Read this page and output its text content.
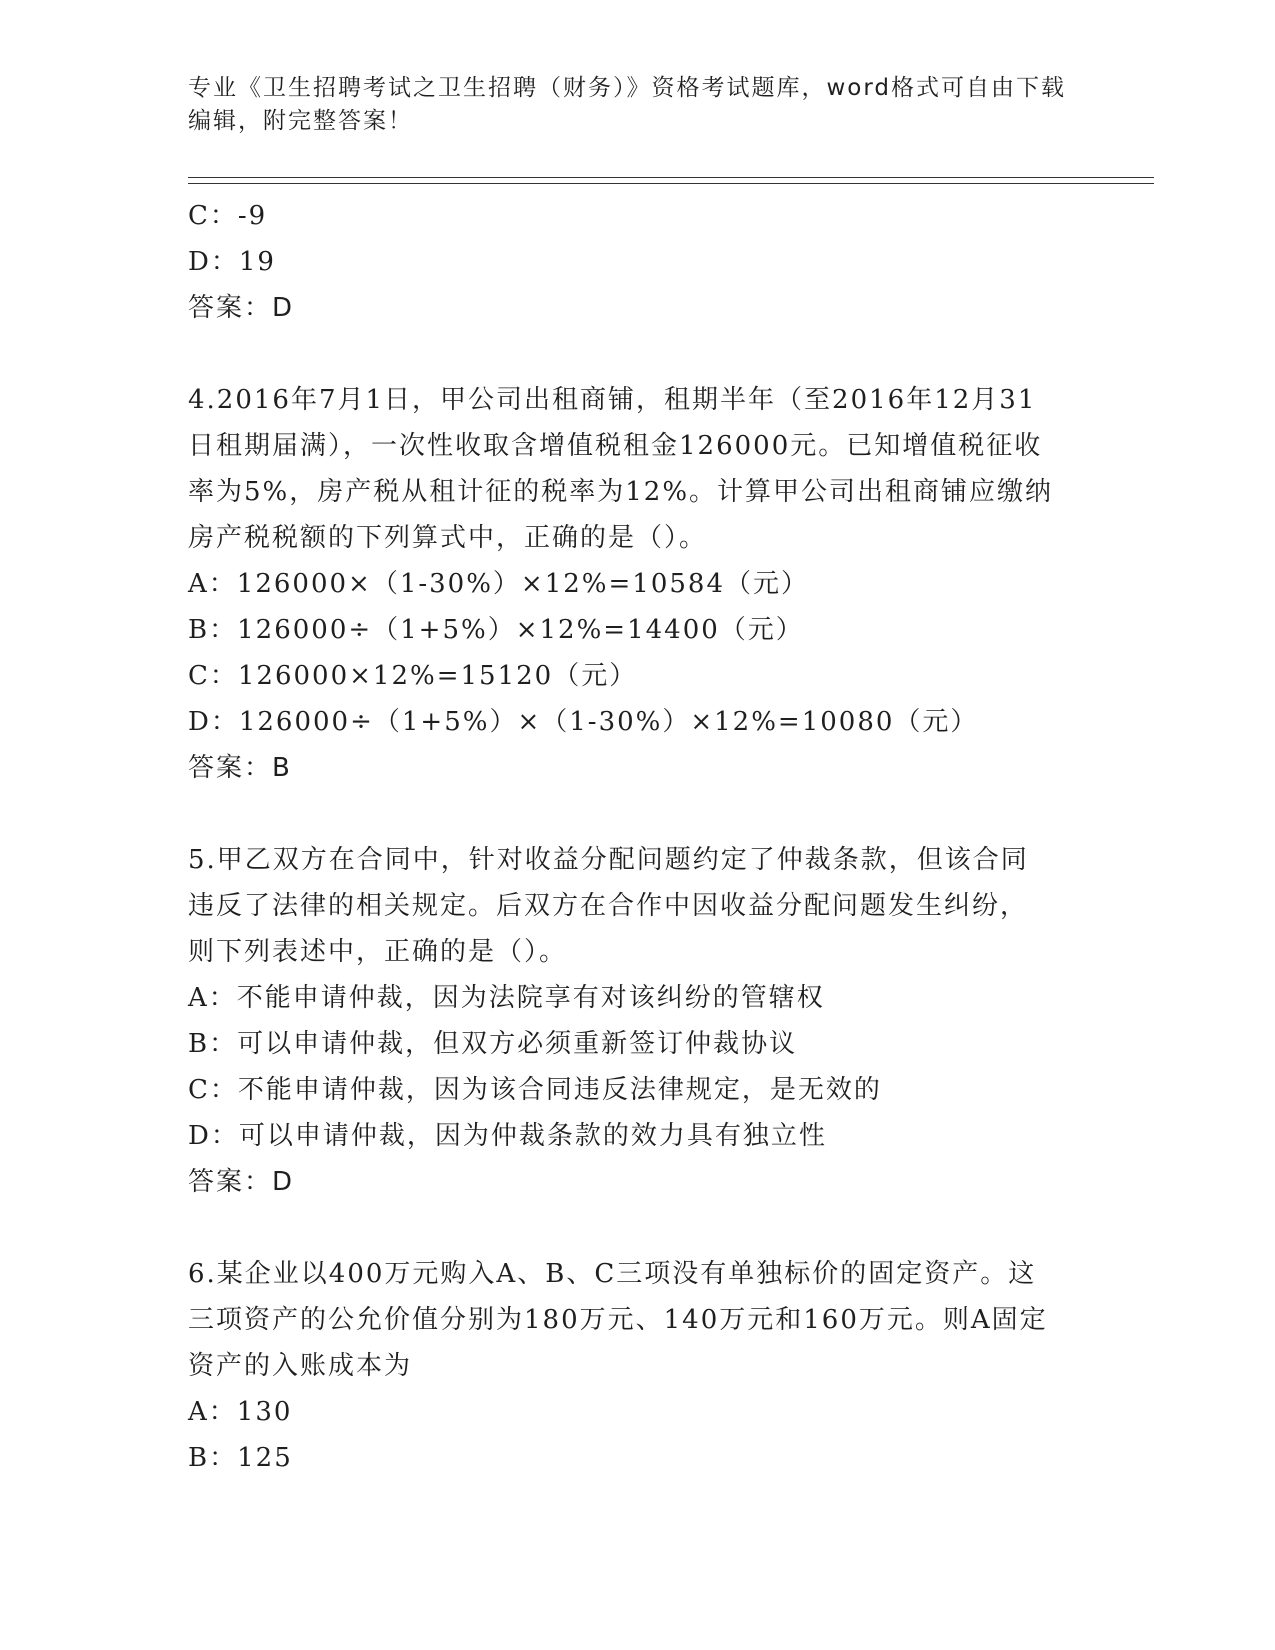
专业《卫生招聘考试之卫生招聘（财务）》资格考试题库，word格式可自由下载
编辑，附完整答案！
C：-9
D：19
答案：D
4.2016年7月1日，甲公司出租商铺，租期半年（至2016年12月31
日租期届满），一次性收取含增值税租金126000元。已知增值税征收
率为5%，房产税从租计征的税率为12%。计算甲公司出租商铺应缴纳
房产税税额的下列算式中，正确的是（）。
A：126000×（1-30%）×12%=10584（元）
B：126000÷（1+5%）×12%=14400（元）
C：126000×12%=15120（元）
D：126000÷（1+5%）×（1-30%）×12%=10080（元）
答案：B
5.甲乙双方在合同中，针对收益分配问题约定了仲裁条款，但该合同
违反了法律的相关规定。后双方在合作中因收益分配问题发生纠纷，
则下列表述中，正确的是（）。
A：不能申请仲裁，因为法院享有对该纠纷的管辖权
B：可以申请仲裁，但双方必须重新签订仲裁协议
C：不能申请仲裁，因为该合同违反法律规定，是无效的
D：可以申请仲裁，因为仲裁条款的效力具有独立性
答案：D
6.某企业以400万元购入A、B、C三项没有单独标价的固定资产。这
三项资产的公允价值分别为180万元、140万元和160万元。则A固定
资产的入账成本为
A：130
B：125
